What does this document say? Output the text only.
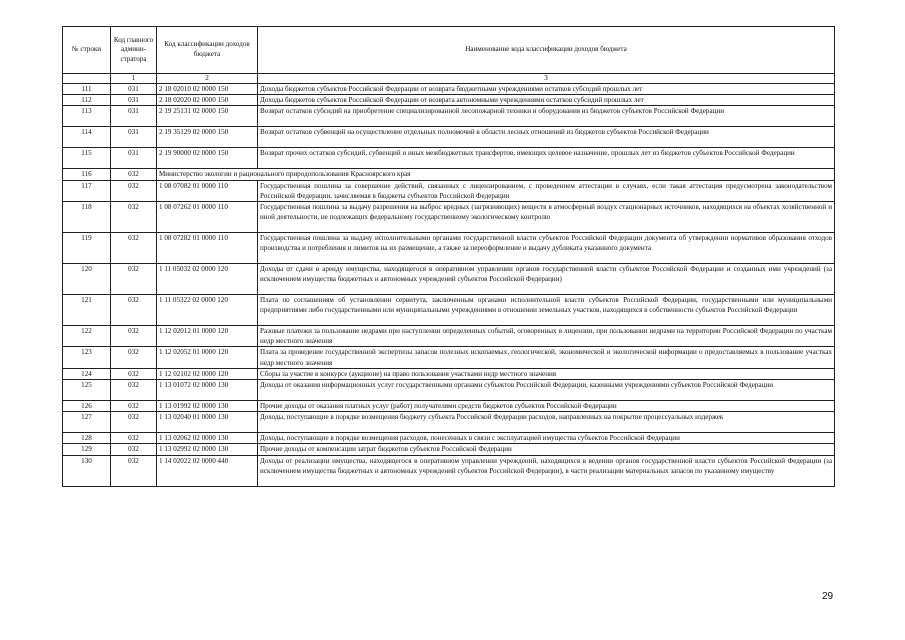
№ строки	Код главного админи-стратора	Код классификации доходов бюджета	Наименование кода классификации доходов бюджета
	1	2	3
111	031	2 18 02010 02 0000 150	Доходы бюджетов субъектов Российской Федерации от возврата бюджетными учреждениями остатков субсидий прошлых лет
112	031	2 18 02020 02 0000 150	Доходы бюджетов субъектов Российской Федерации от возврата автономными учреждениями остатков субсидий прошлых лет
113	031	2 19 25131 02 0000 150	Возврат остатков субсидий на приобретение специализированной лесопожарной техники и оборудования из бюджетов субъектов Российской Федерации
114	031	2 19 35129 02 0000 150	Возврат остатков субвенций на осуществление отдельных полномочий в области лесных отношений из бюджетов субъектов Российской Федерации
115	031	2 19 90000 02 0000 150	Возврат прочих остатков субсидий, субвенций и иных межбюджетных трансфертов, имеющих целевое назначение, прошлых лет из бюджетов субъектов Российской Федерации
116	032	Министерство экологии и рационального природопользования Красноярского края	
117	032	1 08 07082 01 0000 110	Государственная пошлина за совершение действий, связанных с лицензированием, с проведением аттестации в случаях, если такая аттестация предусмотрена законодательством Российской Федерации, зачисляемая в бюджеты субъектов Российской Федерации
118	032	1 08 07262 01 0000 110	Государственная пошлина за выдачу разрешения на выброс вредных (загрязняющих) веществ в атмосферный воздух стационарных источников, находящихся на объектах хозяйственной и иной деятельности, не подлежащих федеральному государственному экологическому контролю
119	032	1 08 07282 01 0000 110	Государственная пошлина за выдачу исполнительными органами государственной власти субъектов Российской Федерации документа об утверждении нормативов образования отходов производства и потребления и лимитов на их размещение, а также за переоформление и выдачу дубликата указанного документа
120	032	1 11 05032 02 0000 120	Доходы от сдачи в аренду имущества, находящегося в оперативном управлении органов государственной власти субъектов Российской Федерации и созданных ими учреждений (за исключением имущества бюджетных и автономных учреждений субъектов Российской Федерации)
121	032	1 11 05322 02 0000 120	Плата по соглашениям об установлении сервитута, заключенным органами исполнительной власти субъектов Российской Федерации, государственными или муниципальными предприятиями либо государственными или муниципальными учреждениями в отношении земельных участков, находящихся в собственности субъектов Российской Федерации
122	032	1 12 02012 01 0000 120	Разовые платежи за пользование недрами при наступлении определенных событий, оговоренных в лицензии, при пользовании недрами на территории Российской Федерации по участкам недр местного значения
123	032	1 12 02052 01 0000 120	Плата за проведение государственной экспертизы запасов полезных ископаемых, геологической, экономической и экологической информации о предоставляемых в пользование участках недр местного значения
124	032	1 12 02102 02 0000 120	Сборы за участие в конкурсе (аукционе) на право пользования участками недр местного значения
125	032	1 13 01072 02 0000 130	Доходы от оказания информационных услуг государственными органами субъектов Российской Федерации, казенными учреждениями субъектов Российской Федерации
126	032	1 13 01992 02 0000 130	Прочие доходы от оказания платных услуг (работ) получателями средств бюджетов субъектов Российской Федерации
127	032	1 13 02040 01 0000 130	Доходы, поступающие в порядке возмещения бюджету субъекта Российской Федерации расходов, направленных на покрытие процессуальных издержек
128	032	1 13 02062 02 0000 130	Доходы, поступающие в порядке возмещения расходов, понесенных в связи с эксплуатацией имущества субъектов Российской Федерации
129	032	1 13 02992 02 0000 130	Прочие доходы от компенсации затрат бюджетов субъектов Российской Федерации
130	032	1 14 02022 02 0000 440	Доходы от реализации имущества, находящегося в оперативном управлении учреждений, находящихся в ведении органов государственной власти субъектов Российской Федерации (за исключением имущества бюджетных и автономных учреждений субъектов Российской Федерации), в части реализации материальных запасов по указанному имуществу
29
